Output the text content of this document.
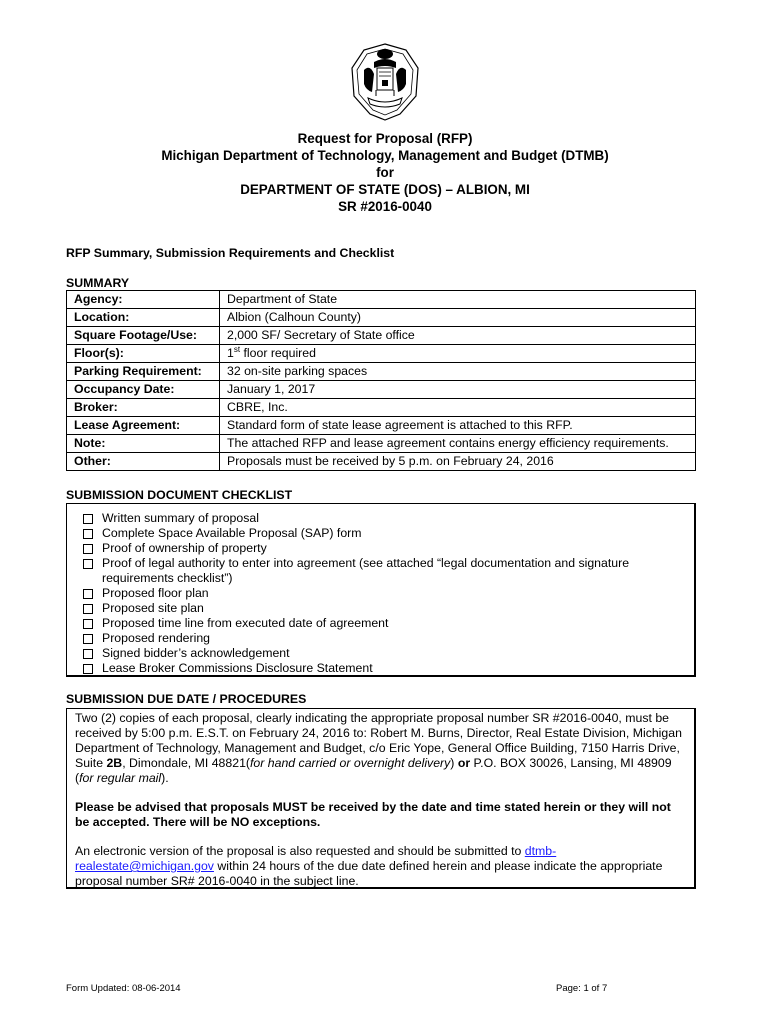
Request for Proposal (RFP)
Michigan Department of Technology, Management and Budget (DTMB)
for
DEPARTMENT OF STATE (DOS) – ALBION, MI
SR #2016-0040
RFP Summary, Submission Requirements and Checklist
SUMMARY
Agency:	Department of State
Location:	Albion (Calhoun County)
Square Footage/Use:	2,000 SF/ Secretary of State office
Floor(s):	1st floor required
Parking Requirement:	32 on-site parking spaces
Occupancy Date:	January 1, 2017
Broker:	CBRE, Inc.
Lease Agreement:	Standard form of state lease agreement is attached to this RFP.
Note:	The attached RFP and lease agreement contains energy efficiency requirements.
Other:	Proposals must be received by 5 p.m. on February 24, 2016
SUBMISSION DOCUMENT CHECKLIST
Written summary of proposal
Complete Space Available Proposal (SAP) form
Proof of ownership of property
Proof of legal authority to enter into agreement (see attached “legal documentation and signature
requirements checklist”)
Proposed floor plan
Proposed site plan
Proposed time line from executed date of agreement
Proposed rendering
Signed bidder’s acknowledgement
Lease Broker Commissions Disclosure Statement
SUBMISSION DUE DATE / PROCEDURES

Two (2) copies of each proposal, clearly indicating the appropriate proposal number SR #2016-0040, must be received by 5:00 p.m. E.S.T. on February 24, 2016 to: Robert M. Burns, Director, Real Estate Division, Michigan Department of Technology, Management and Budget, c/o Eric Yope, General Office Building, 7150 Harris Drive, Suite 2B, Dimondale, MI 48821(for hand carried or overnight delivery) or P.O. BOX 30026, Lansing, MI 48909 (for regular mail).

Please be advised that proposals MUST be received by the date and time stated herein or they will not be accepted. There will be NO exceptions.

An electronic version of the proposal is also requested and should be submitted to dtmb-realestate@michigan.gov within 24 hours of the due date defined herein and please indicate the appropriate proposal number SR# 2016-0040 in the subject line.

Form Updated: 08-06-2014	Page: 1 of 7
